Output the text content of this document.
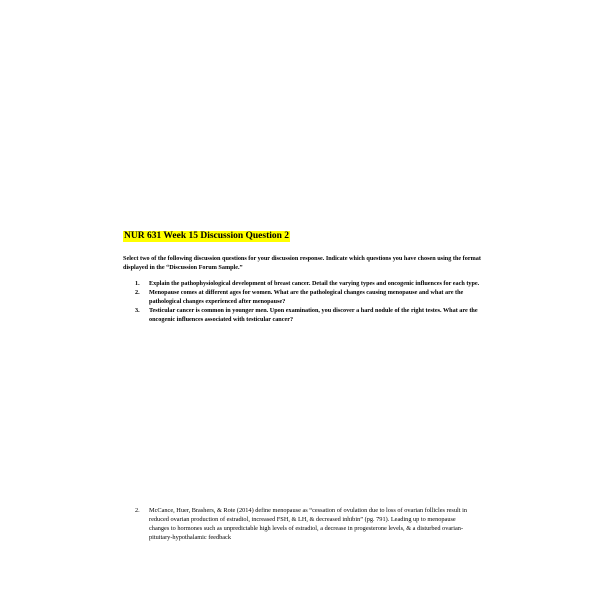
NUR 631 Week 15 Discussion Question 2
Select two of the following discussion questions for your discussion response. Indicate which questions you have chosen using the format displayed in the “Discussion Forum Sample.”
1.	Explain the pathophysiological development of breast cancer. Detail the varying types and oncogenic influences for each type.
2.	Menopause comes at different ages for women. What are the pathological changes causing menopause and what are the pathological changes experienced after menopause?
3.	Testicular cancer is common in younger men. Upon examination, you discover a hard nodule of the right testes. What are the oncogenic influences associated with testicular cancer?
2.	McCance, Huer, Brashers, & Rote (2014) define menopause as “cessation of ovulation due to loss of ovarian follicles result in reduced ovarian production of estradiol, increased FSH, & LH, & decreased inhibin” (pg. 791). Leading up to menopause changes to hormones such as unpredictable high levels of estradiol, a decrease in progesterone levels, & a disturbed ovarian- pituitary-hypothalamic feedback
